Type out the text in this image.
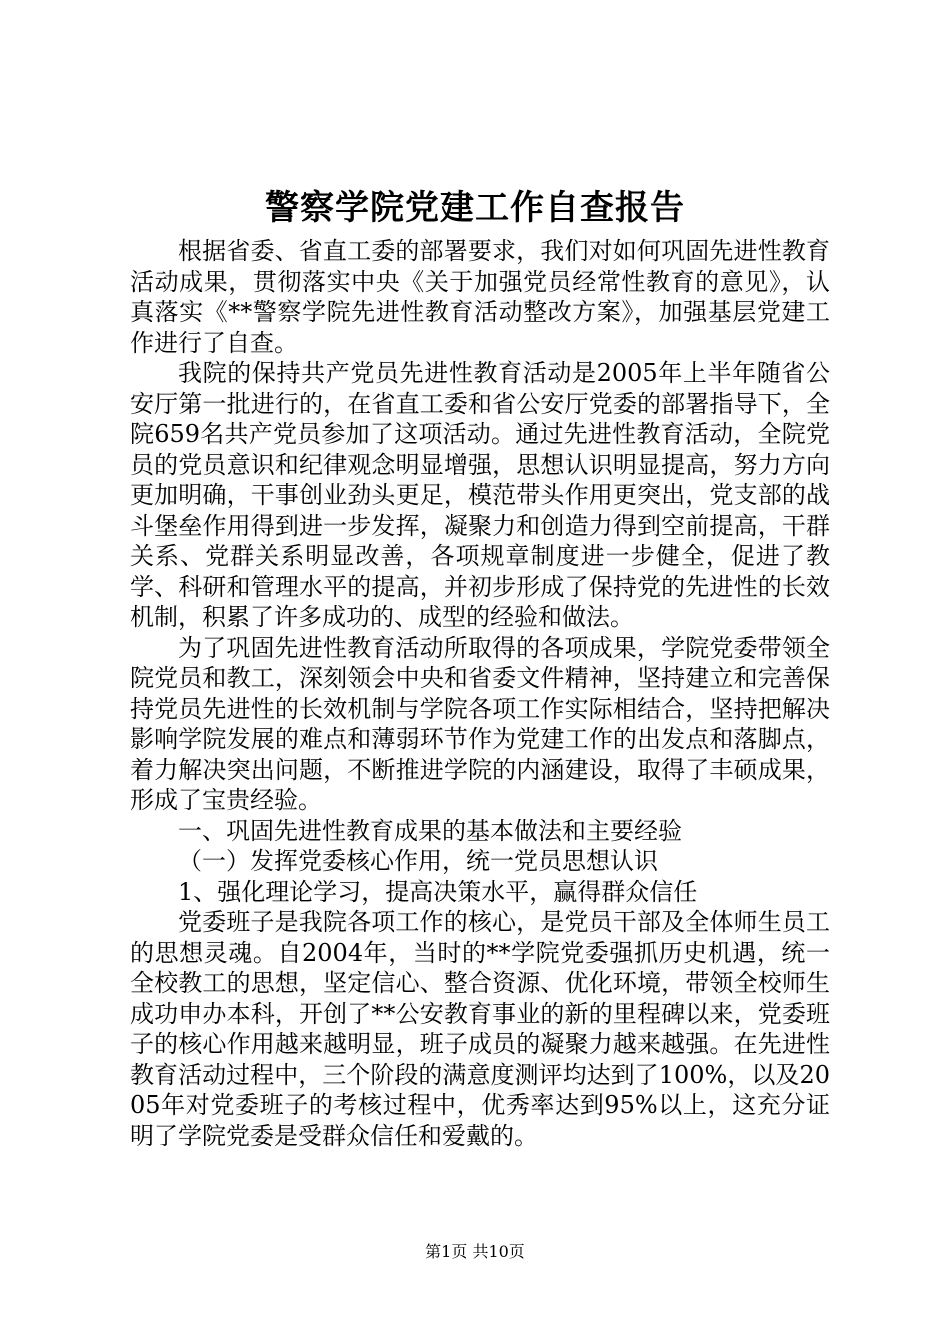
警察学院党建工作自查报告

根据省委、省直工委的部署要求，我们对如何巩固先进性教育活动成果，贯彻落实中央《关于加强党员经常性教育的意见》，认真落实《**警察学院先进性教育活动整改方案》，加强基层党建工作进行了自查。

我院的保持共产党员先进性教育活动是2005年上半年随省公安厅第一批进行的，在省直工委和省公安厅党委的部署指导下，全院659名共产党员参加了这项活动。通过先进性教育活动，全院党员的党员意识和纪律观念明显增强，思想认识明显提高，努力方向更加明确，干事创业劲头更足，模范带头作用更突出，党支部的战斗堡垒作用得到进一步发挥，凝聚力和创造力得到空前提高，干群关系、党群关系明显改善，各项规章制度进一步健全，促进了教学、科研和管理水平的提高，并初步形成了保持党的先进性的长效机制，积累了许多成功的、成型的经验和做法。

为了巩固先进性教育活动所取得的各项成果，学院党委带领全院党员和教工，深刻领会中央和省委文件精神，坚持建立和完善保持党员先进性的长效机制与学院各项工作实际相结合，坚持把解决影响学院发展的难点和薄弱环节作为党建工作的出发点和落脚点，着力解决突出问题，不断推进学院的内涵建设，取得了丰硕成果，形成了宝贵经验。

一、巩固先进性教育成果的基本做法和主要经验

（一）发挥党委核心作用，统一党员思想认识

1、强化理论学习，提高决策水平，赢得群众信任

党委班子是我院各项工作的核心，是党员干部及全体师生员工的思想灵魂。自2004年，当时的**学院党委强抓历史机遇，统一全校教工的思想，坚定信心、整合资源、优化环境，带领全校师生成功申办本科，开创了**公安教育事业的新的里程碑以来，党委班子的核心作用越来越明显，班子成员的凝聚力越来越强。在先进性教育活动过程中，三个阶段的满意度测评均达到了100%，以及2005年对党委班子的考核过程中，优秀率达到95%以上，这充分证明了学院党委是受群众信任和爱戴的。

第1页 共10页
